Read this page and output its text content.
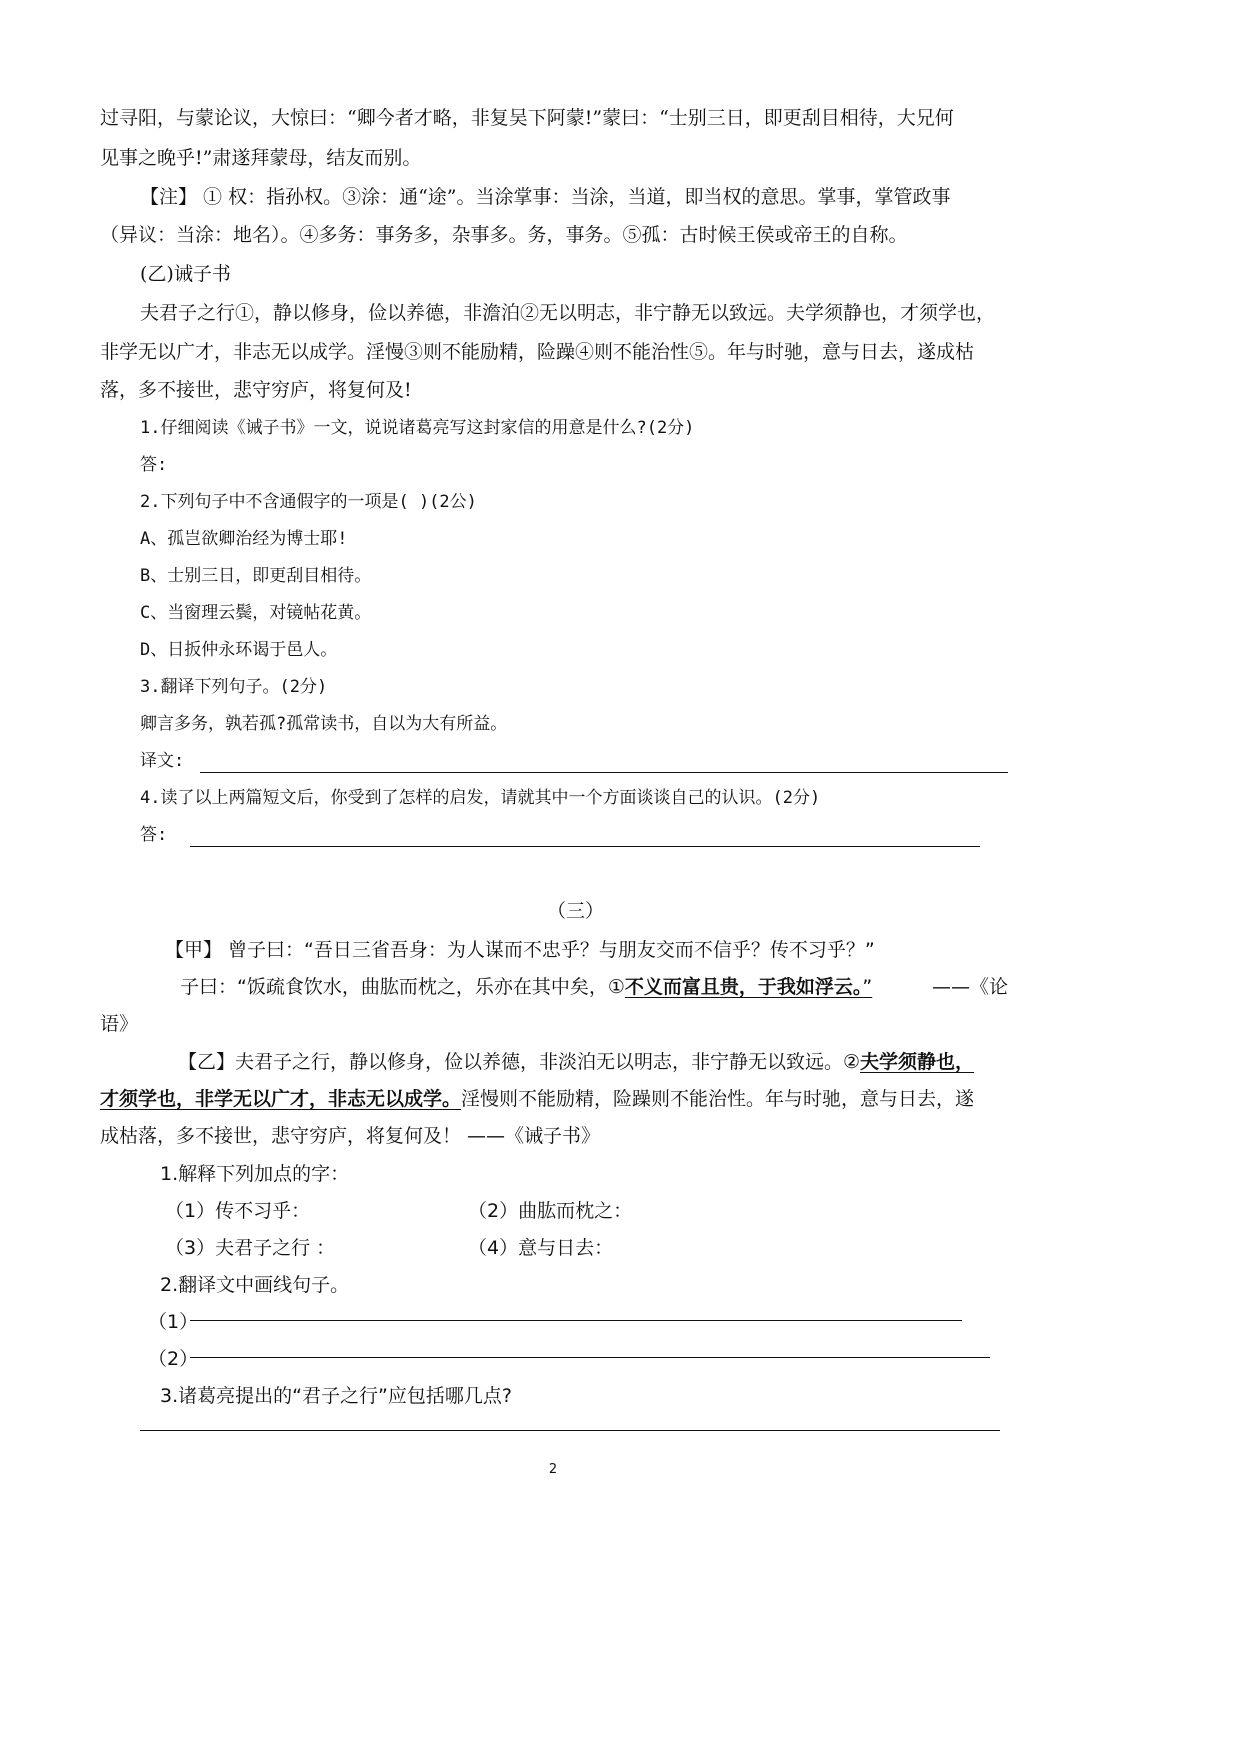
过寻阳，与蒙论议，大惊曰：“卿今者才略，非复吴下阿蒙!”蒙曰：“士别三日，即更刮目相待，大兄何
见事之晚乎!”肃遂拜蒙母，结友而别。
【注】 ① 权：指孙权。③涂：通“途”。当涂掌事：当涂，当道，即当权的意思。掌事，掌管政事
（异议：当涂：地名）。④多务：事务多，杂事多。务，事务。⑤孤：古时候王侯或帝王的自称。
(乙)诫子书
夫君子之行①，静以修身，俭以养德，非澹泊②无以明志，非宁静无以致远。夫学须静也，才须学也，
非学无以广才，非志无以成学。淫慢③则不能励精，险躁④则不能治性⑤。年与时驰，意与日去，遂成枯
落，多不接世，悲守穷庐，将复何及!
1.仔细阅读《诫子书》一文，说说诸葛亮写这封家信的用意是什么?(2分)
答:
2.下列句子中不含通假字的一项是( )(2公)
A、孤岂欲卿治经为博士耶!
B、士别三日，即更刮目相待。
C、当窗理云鬓，对镜帖花黄。
D、日扳仲永环谒于邑人。
3.翻译下列句子。(2分)
卿言多务，孰若孤?孤常读书，自以为大有所益。
译文:
4.读了以上两篇短文后，你受到了怎样的启发，请就其中一个方面谈谈自己的认识。(2分)
答:
（三）
【甲】 曾子曰：“吾日三省吾身：为人谋而不忠乎？与朋友交而不信乎？传不习乎？”
子曰：“饭疏食饮水，曲肱而枕之，乐亦在其中矣，①不义而富且贵，于我如浮云。”	——《论
语》
【乙】夫君子之行，静以修身，俭以养德，非淡泊无以明志，非宁静无以致远。②夫学须静也，
才须学也，非学无以广才，非志无以成学。淫慢则不能励精，险躁则不能治性。年与时驰，意与日去，遂
成枯落，多不接世，悲守穷庐，将复何及！ ——《诫子书》
1.解释下列加点的字：
（1）传不习乎：	（2）曲肱而枕之：
（3）夫君子之行 ：	（4）意与日去：
2.翻译文中画线句子。
（1）
（2）
3.诸葛亮提出的“君子之行”应包括哪几点?
2
